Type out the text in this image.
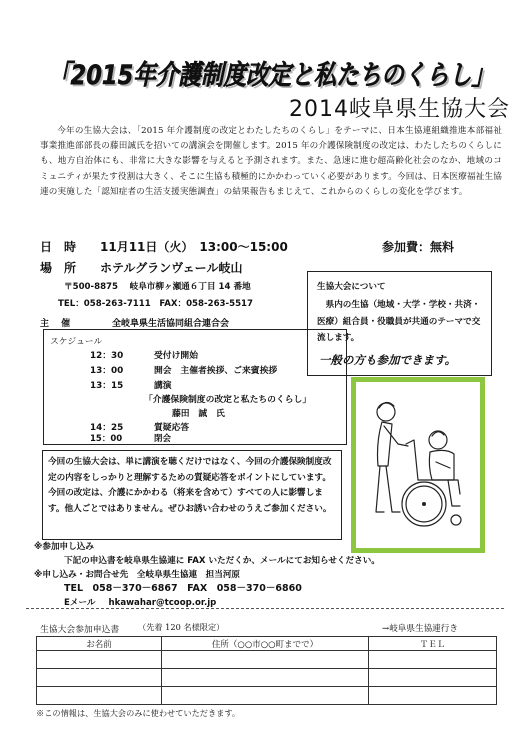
「2015年介護制度改定と私たちのくらし」
「2015年介護制度改定と私たちのくらし」
2014岐阜県生協大会
今年の生協大会は、「2015 年介護制度の改定とわたしたちのくらし」をテーマに、日本生協連組織推進本部福祉事業推進部部長の藤田誠氏を招いての講演会を開催します。2015 年の介護保険制度の改定は、わたしたちのくらしにも、地方自治体にも、非常に大きな影響を与えると予測されます。また、急速に進む超高齢化社会のなか、地域のコミュニティが果たす役割は大きく、そこに生協も積極的にかかわっていく必要があります。今回は、日本医療福祉生協連の実施した「認知症者の生活支援実態調査」の結果報告もまじえて、これからのくらしの変化を学びます。
日　時 11月11日（火）　13:00～15:00	参加費：無料
場　所 ホテルグランヴェール岐山
〒500-8875　 岐阜市柳ヶ瀬通６丁目 14 番地
TEL：058-263-7111　FAX：058-263-5517
主　 催	全岐阜県生活協同組合連合会
生協大会について
県内の生協（地域・大学・学校・共済・医療）組合員・役職員が共通のテーマで交流します。
一般の方も参加できます。
スケジュール
12：30	受付け開始
13：00	開会　主催者挨拶、ご来賓挨拶
13：15	講演
「介護保険制度の改定と私たちのくらし」
藤田　誠　氏
14：25	質疑応答
15：00	閉会
今回の生協大会は、単に講演を聴くだけではなく、今回の介護保険制度改定の内容をしっかりと理解するための質疑応答をポイントにしています。今回の改定は、介護にかかわる（将来を含めて）すべての人に影響します。他人ごとではありません。ぜひお誘い合わせのうえご参加ください。
※参加申し込み
下記の申込書を岐阜県生協連に FAX いただくか、メールにてお知らせください。
※申し込み・お問合せ先　全岐阜県生協連　担当河原
TEL　058－370－6867　FAX　058－370－6860
Eメール hkawahar@tcoop.or.jp
生協大会参加申込書 （先着 120 名様限定）	→岐阜県生協連行き
お名前	住所（○○市○○町までで）	ＴＥＬ

※この情報は、生協大会のみに使わせていただきます。
